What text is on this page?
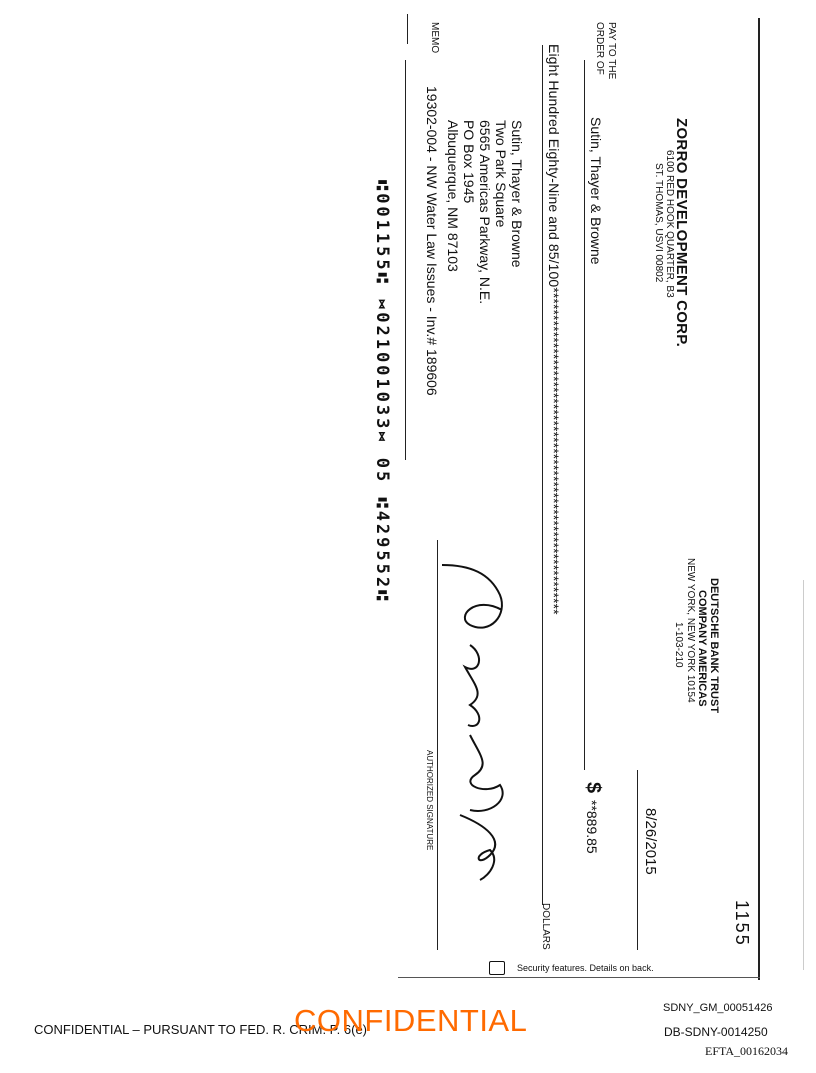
ZORRO DEVELOPMENT CORP.
6100 RED HOOK QUARTER, B3
ST. THOMAS, USVI 00802
DEUTSCHE BANK TRUST
COMPANY AMERICAS
NEW YORK, NEW YORK 10154
1-103-210
1155
8/26/2015
PAY TO THE
ORDER OF
Sutin, Thayer & Browne
$
**889.85
Eight Hundred Eighty-Nine and 85/100***********************************************************
DOLLARS
Sutin, Thayer & Browne
Two Park Square
6565 Americas Parkway, N.E.
PO Box 1945
Albuquerque, NM 87103
MEMO
19302-004 - NW Water Law Issues - Inv.# 189606
AUTHORIZED SIGNATURE
Security features. Details on back.
⑆001155⑆ ⑅021001033⑅ 05 ⑆429552⑆
CONFIDENTIAL – PURSUANT TO FED. R. CRIM. P. 6(e)
CONFIDENTIAL	SDNY_GM_00051426
DB-SDNY-0014250
EFTA_00162034
